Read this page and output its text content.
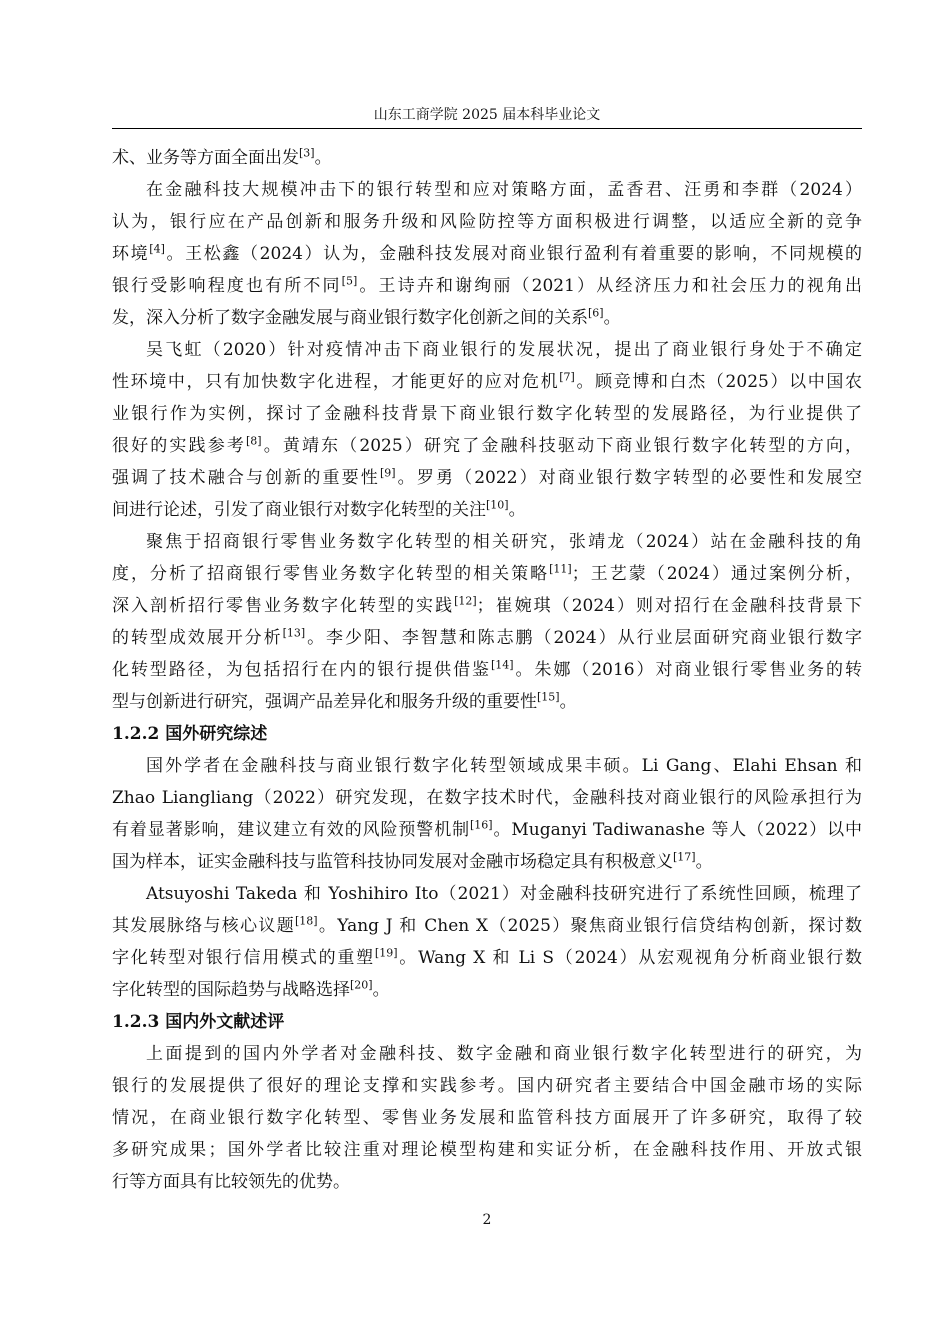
山东工商学院 2025 届本科毕业论文
术、业务等方面全面出发[3]。
在金融科技大规模冲击下的银行转型和应对策略方面，孟香君、汪勇和李群（2024）
认为，银行应在产品创新和服务升级和风险防控等方面积极进行调整，以适应全新的竞争
环境[4]。王松鑫（2024）认为，金融科技发展对商业银行盈利有着重要的影响，不同规模的
银行受影响程度也有所不同[5]。王诗卉和谢绚丽（2021）从经济压力和社会压力的视角出
发，深入分析了数字金融发展与商业银行数字化创新之间的关系[6]。
吴飞虹（2020）针对疫情冲击下商业银行的发展状况，提出了商业银行身处于不确定
性环境中，只有加快数字化进程，才能更好的应对危机[7]。顾竞博和白杰（2025）以中国农
业银行作为实例，探讨了金融科技背景下商业银行数字化转型的发展路径，为行业提供了
很好的实践参考[8]。黄靖东（2025）研究了金融科技驱动下商业银行数字化转型的方向，
强调了技术融合与创新的重要性[9]。罗勇（2022）对商业银行数字转型的必要性和发展空
间进行论述，引发了商业银行对数字化转型的关注[10]。
聚焦于招商银行零售业务数字化转型的相关研究，张靖龙（2024）站在金融科技的角
度，分析了招商银行零售业务数字化转型的相关策略[11]；王艺蒙（2024）通过案例分析，
深入剖析招行零售业务数字化转型的实践[12]；崔婉琪（2024）则对招行在金融科技背景下
的转型成效展开分析[13]。李少阳、李智慧和陈志鹏（2024）从行业层面研究商业银行数字
化转型路径，为包括招行在内的银行提供借鉴[14]。朱娜（2016）对商业银行零售业务的转
型与创新进行研究，强调产品差异化和服务升级的重要性[15]。
1.2.2 国外研究综述
国外学者在金融科技与商业银行数字化转型领域成果丰硕。Li Gang、Elahi Ehsan 和
Zhao Liangliang（2022）研究发现，在数字技术时代，金融科技对商业银行的风险承担行为
有着显著影响，建议建立有效的风险预警机制[16]。Muganyi Tadiwanashe 等人（2022）以中
国为样本，证实金融科技与监管科技协同发展对金融市场稳定具有积极意义[17]。
Atsuyoshi Takeda 和 Yoshihiro Ito（2021）对金融科技研究进行了系统性回顾，梳理了
其发展脉络与核心议题[18]。Yang J 和 Chen X（2025）聚焦商业银行信贷结构创新，探讨数
字化转型对银行信用模式的重塑[19]。Wang X 和 Li S（2024）从宏观视角分析商业银行数
字化转型的国际趋势与战略选择[20]。
1.2.3 国内外文献述评
上面提到的国内外学者对金融科技、数字金融和商业银行数字化转型进行的研究，为
银行的发展提供了很好的理论支撑和实践参考。国内研究者主要结合中国金融市场的实际
情况，在商业银行数字化转型、零售业务发展和监管科技方面展开了许多研究，取得了较
多研究成果；国外学者比较注重对理论模型构建和实证分析，在金融科技作用、开放式银
行等方面具有比较领先的优势。
2
